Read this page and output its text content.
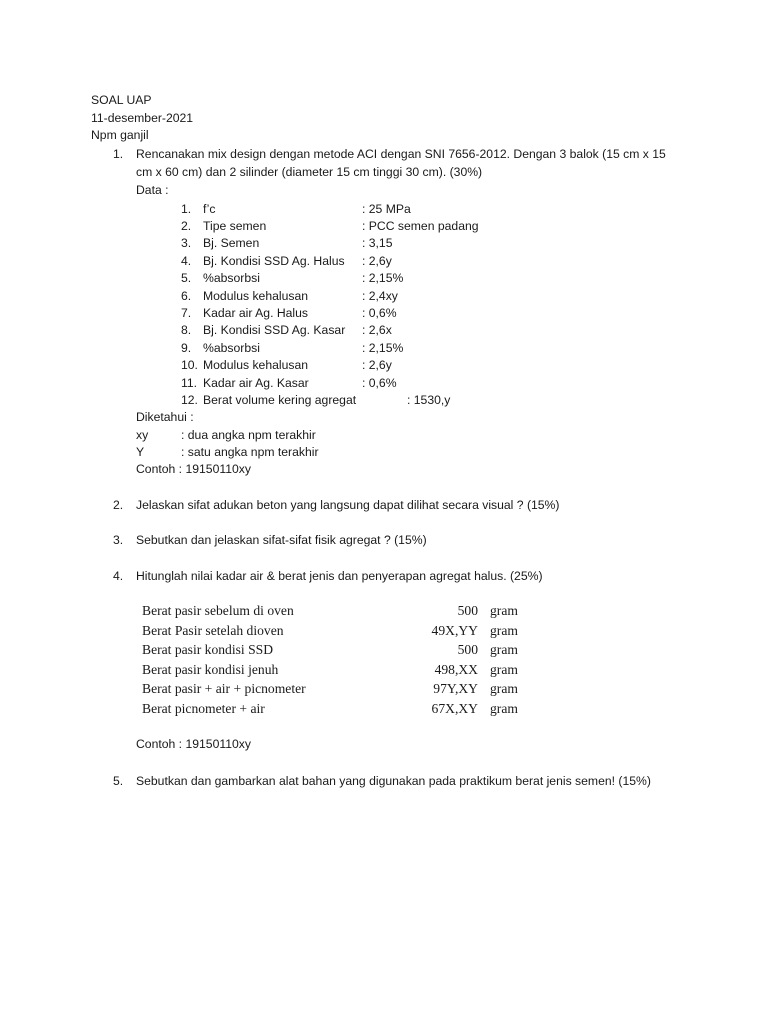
SOAL UAP
11-desember-2021
Npm ganjil
1. Rencanakan mix design dengan metode ACI dengan SNI 7656-2012. Dengan 3 balok (15 cm x 15
cm x 60 cm) dan 2 silinder (diameter 15 cm tinggi 30 cm). (30%)
Data :
1. f’c	: 25 MPa
2. Tipe semen	: PCC semen padang
3. Bj. Semen	: 3,15
4. Bj. Kondisi SSD Ag. Halus : 2,6y
5. %absorbsi	: 2,15%
6. Modulus kehalusan	: 2,4xy
7. Kadar air Ag. Halus	: 0,6%
8. Bj. Kondisi SSD Ag. Kasar : 2,6x
9. %absorbsi	: 2,15%
10. Modulus kehalusan	: 2,6y
11. Kadar air Ag. Kasar	: 0,6%
12. Berat volume kering agregat	: 1530,y
Diketahui :
xy	: dua angka npm terakhir
Y	: satu angka npm terakhir
Contoh : 19150110xy
2. Jelaskan sifat adukan beton yang langsung dapat dilihat secara visual ? (15%)
3. Sebutkan dan jelaskan sifat-sifat fisik agregat ? (15%)
4. Hitunglah nilai kadar air & berat jenis dan penyerapan agregat halus. (25%)
Berat pasir sebelum di oven	500 gram
Berat Pasir setelah dioven	49X,YY gram
Berat pasir kondisi SSD	500 gram
Berat pasir kondisi jenuh	498,XX gram
Berat pasir + air + picnometer	97Y,XY gram
Berat picnometer + air	67X,XY gram
Contoh : 19150110xy
5. Sebutkan dan gambarkan alat bahan yang digunakan pada praktikum berat jenis semen! (15%)
